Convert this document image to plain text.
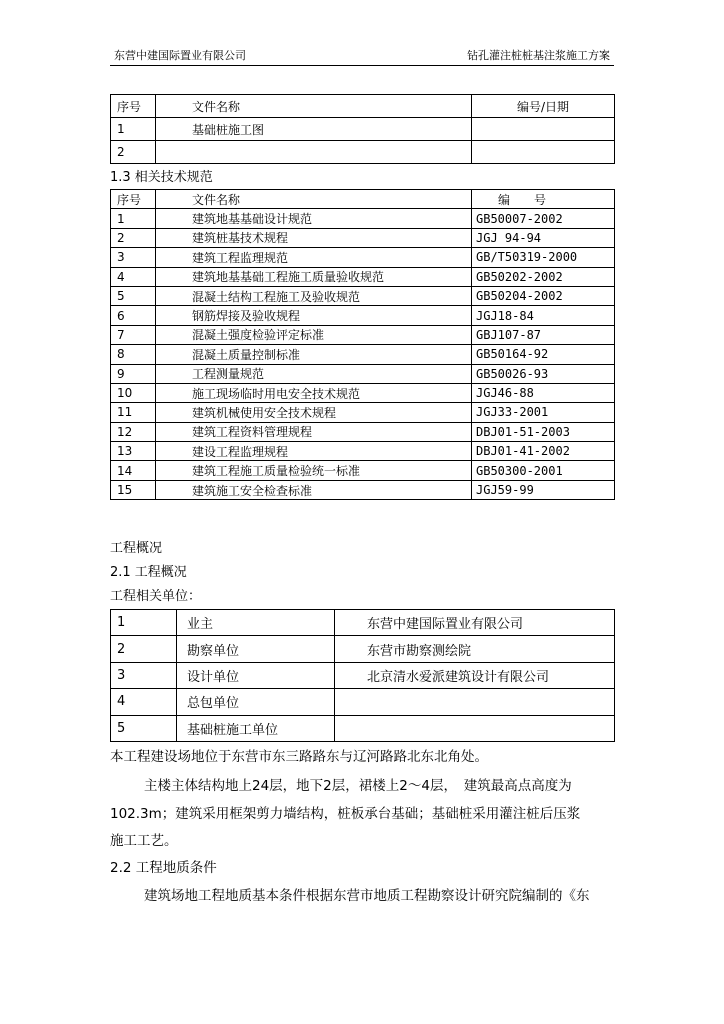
东营中建国际置业有限公司	钻孔灌注桩桩基注浆施工方案
序号	文件名称	编号/日期
1	基础桩施工图	
2		
1.3 相关技术规范
序号	文件名称	编　　号
1	建筑地基基础设计规范	GB50007-2002
2	建筑桩基技术规程	JGJ 94-94
3	建筑工程监理规范	GB/T50319-2000
4	建筑地基基础工程施工质量验收规范	GB50202-2002
5	混凝土结构工程施工及验收规范	GB50204-2002
6	钢筋焊接及验收规程	JGJ18-84
7	混凝土强度检验评定标准	GBJ107-87
8	混凝土质量控制标准	GB50164-92
9	工程测量规范	GB50026-93
10	施工现场临时用电安全技术规范	JGJ46-88
11	建筑机械使用安全技术规程	JGJ33-2001
12	建筑工程资料管理规程	DBJ01-51-2003
13	建设工程监理规程	DBJ01-41-2002
14	建筑工程施工质量检验统一标准	GB50300-2001
15	建筑施工安全检查标准	JGJ59-99
工程概况
2.1 工程概况
工程相关单位：
1	业主	东营中建国际置业有限公司
2	勘察单位	东营市勘察测绘院
3	设计单位	北京清水爱派建筑设计有限公司
4	总包单位	
5	基础桩施工单位	
本工程建设场地位于东营市东三路路东与辽河路路北东北角处。
主楼主体结构地上24层，地下2层，裙楼上2～4层，　建筑最高点高度为
102.3m；建筑采用框架剪力墙结构，桩板承台基础；基础桩采用灌注桩后压浆
施工工艺。
2.2 工程地质条件
建筑场地工程地质基本条件根据东营市地质工程勘察设计研究院编制的《东
